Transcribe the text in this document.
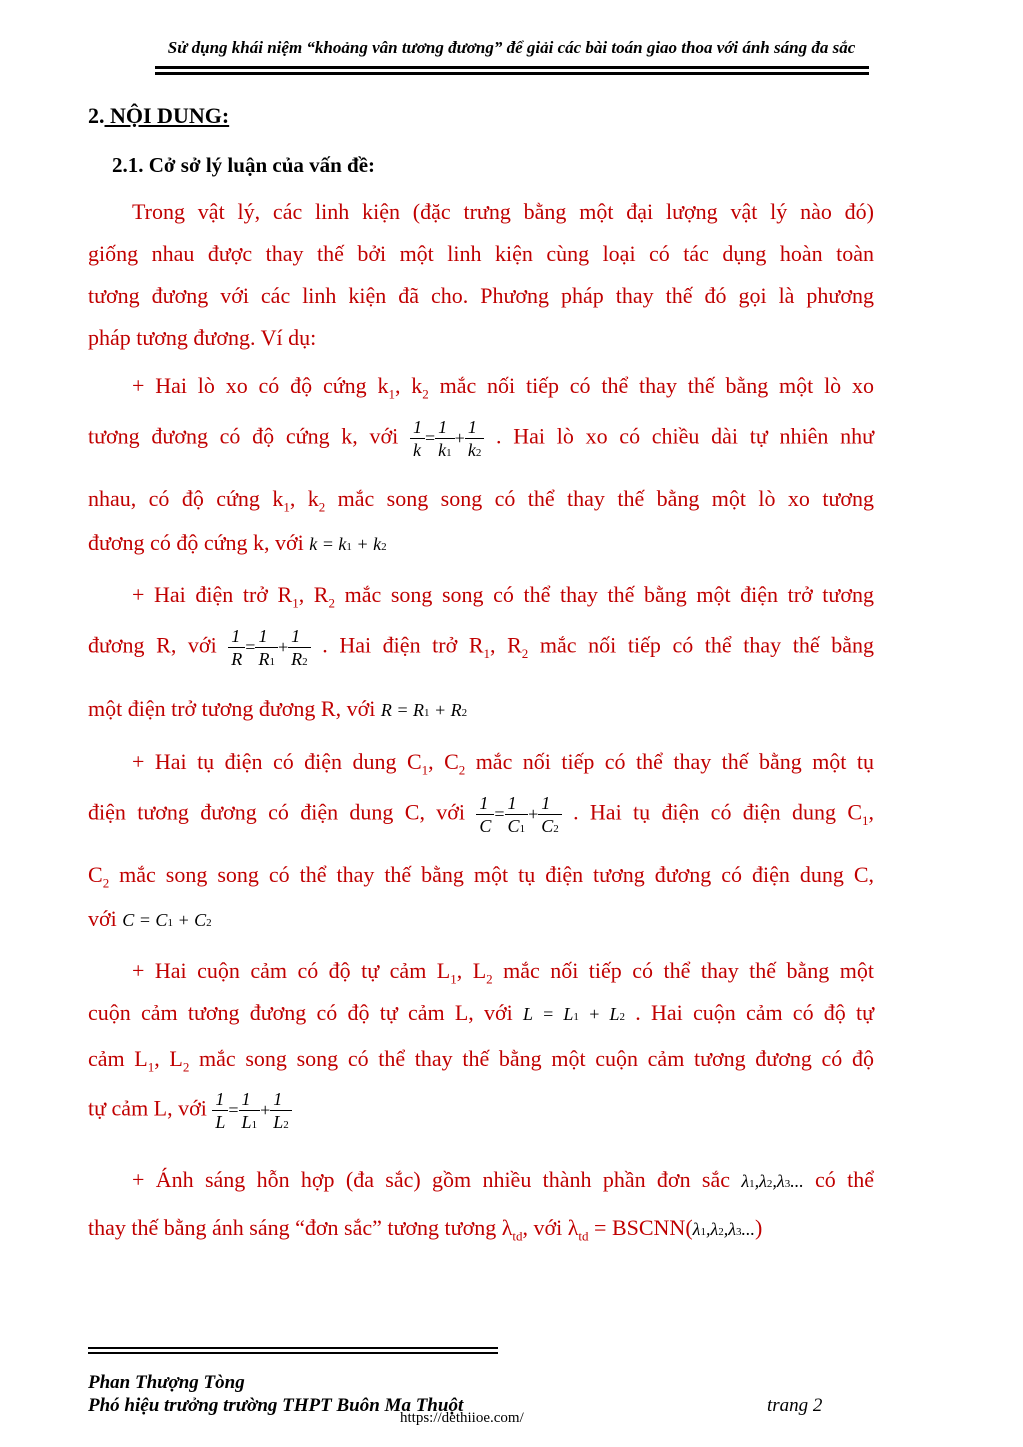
Sử dụng khái niệm “khoảng vân tương đương” để giải các bài toán giao thoa với ánh sáng đa sắc
2. NỘI DUNG:
2.1. Cở sở lý luận của vấn đề:
Trong vật lý, các linh kiện (đặc trưng bằng một đại lượng vật lý nào đó)
giống nhau được thay thế bởi một linh kiện cùng loại có tác dụng hoàn toàn
tương đương với các linh kiện đã cho. Phương pháp thay thế đó gọi là phương
pháp tương đương. Ví dụ:
+ Hai lò xo có độ cứng $k_1$, $k_2$ mắc nối tiếp có thể thay thế bằng một lò xo
tương đương có độ cứng k, với $\frac{1}{k} = \frac{1}{k1} + \frac{1}{k2}$ . Hai lò xo có chiều dài tự nhiên như
nhau, có độ cứng $k_1$, $k_2$ mắc song song có thể thay thế bằng một lò xo tương
đương có độ cứng k, với k = k1 + k2
+ Hai điện trở $R_1$, $R_2$ mắc song song có thể thay thế bằng một điện trở tương
đương R, với $\frac{1}{R} = \frac{1}{R1} + \frac{1}{R2}$ . Hai điện trở $R_1$, $R_2$ mắc nối tiếp có thể thay thế bằng
một điện trở tương đương R, với R = R1 + R2
+ Hai tụ điện có điện dung $C_1$, $C_2$ mắc nối tiếp có thể thay thế bằng một tụ
điện tương đương có điện dung C, với $\frac{1}{C} = \frac{1}{C1} + \frac{1}{C2}$ . Hai tụ điện có điện dung $C_1$,
$C_2$ mắc song song có thể thay thế bằng một tụ điện tương đương có điện dung C,
với C = C1 + C2
+ Hai cuộn cảm có độ tự cảm $L_1$, $L_2$ mắc nối tiếp có thể thay thế bằng một
cuộn cảm tương đương có độ tự cảm L, với L = L1 + L2 . Hai cuộn cảm có độ tự
cảm $L_1$, $L_2$ mắc song song có thể thay thế bằng một cuộn cảm tương đương có độ
tự cảm L, với $\frac{1}{L} = \frac{1}{L1} + \frac{1}{L2}$
+ Ánh sáng hỗn hợp (đa sắc) gồm nhiều thành phần đơn sắc λ1,λ2,λ3... có thể
thay thế bằng ánh sáng “đơn sắc” tương tương $\lambda_{td}$, với $\lambda_{td}$ = BSCNN(λ1,λ2,λ3...)
Phan Thượng Tòng
Phó hiệu trưởng trường THPT Buôn Ma Thuột	trang 2
https://dethiioe.com/
